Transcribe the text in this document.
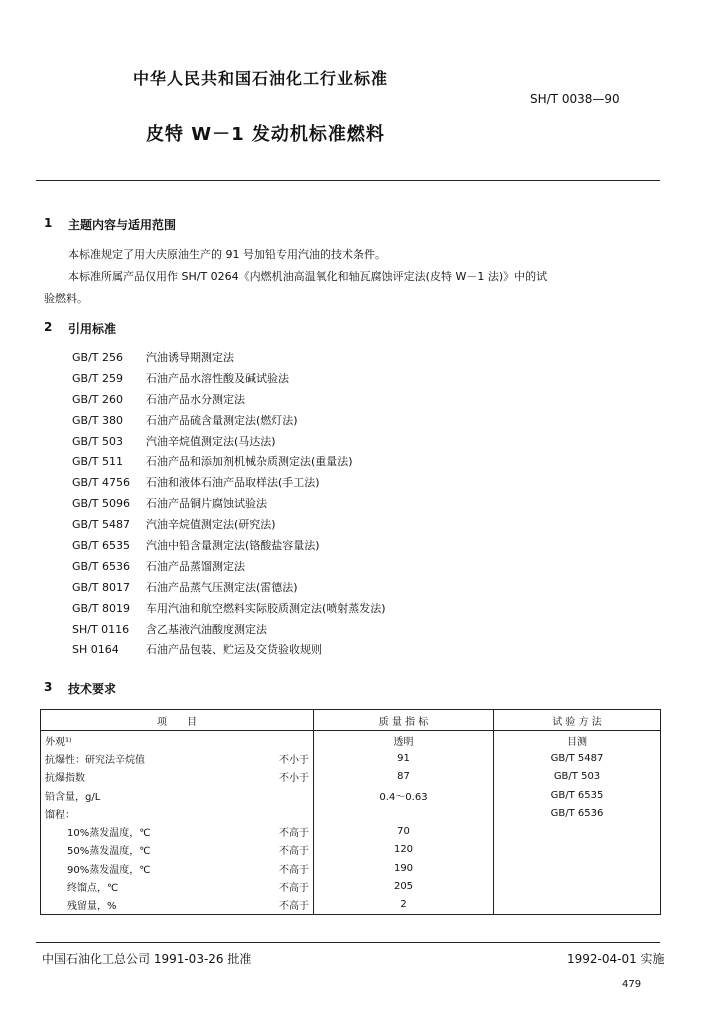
中华人民共和国石油化工行业标准
SH/T 0038—90
皮特 W－1 发动机标准燃料
1 主题内容与适用范围
本标准规定了用大庆原油生产的 91 号加铅专用汽油的技术条件。
本标准所属产品仅用作 SH/T 0264《内燃机油高温氧化和轴瓦腐蚀评定法(皮特 W－1 法)》中的试
验燃料。
2 引用标准
GB/T 256 汽油诱导期测定法
GB/T 259 石油产品水溶性酸及碱试验法
GB/T 260 石油产品水分测定法
GB/T 380 石油产品硫含量测定法(燃灯法)
GB/T 503 汽油辛烷值测定法(马达法)
GB/T 511 石油产品和添加剂机械杂质测定法(重量法)
GB/T 4756 石油和液体石油产品取样法(手工法)
GB/T 5096 石油产品铜片腐蚀试验法
GB/T 5487 汽油辛烷值测定法(研究法)
GB/T 6535 汽油中铅含量测定法(铬酸盐容量法)
GB/T 6536 石油产品蒸馏测定法
GB/T 8017 石油产品蒸气压测定法(雷德法)
GB/T 8019 车用汽油和航空燃料实际胶质测定法(喷射蒸发法)
SH/T 0116 含乙基液汽油酸度测定法
SH 0164 石油产品包装、贮运及交货验收规则
3 技术要求
项　　目		质 量 指 标	试 验 方 法
外观¹⁾		透明	目测
抗爆性：研究法辛烷值	不小于	91	GB/T 5487
抗爆指数	不小于	87	GB/T 503
铅含量，g/L		0.4～0.63	GB/T 6535
馏程：			GB/T 6536
10%蒸发温度，℃	不高于	70	
50%蒸发温度，℃	不高于	120	
90%蒸发温度，℃	不高于	190	
终馏点，℃	不高于	205	
残留量，%	不高于	2	
中国石油化工总公司 1991-03-26 批准	1992-04-01 实施
479
